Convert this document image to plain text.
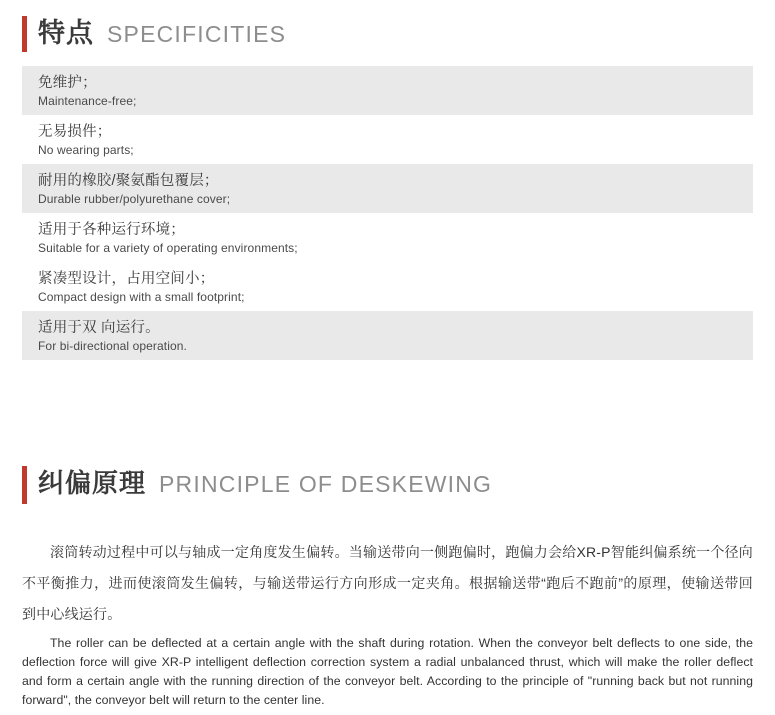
特点 SPECIFICITIES
免维护；
Maintenance-free;
无易损件；
No wearing parts;
耐用的橡胶/聚氨酯包覆层；
Durable rubber/polyurethane cover;
适用于各种运行环境；
Suitable for a variety of operating environments;
紧凑型设计，占用空间小；
Compact design with a small footprint;
适用于双 向运行。
For bi-directional operation.
纠偏原理 PRINCIPLE OF DESKEWING

滚筒转动过程中可以与轴成一定角度发生偏转。当输送带向一侧跑偏时，跑偏力会给XR-P智能纠偏系统一个径向不平衡推力，进而使滚筒发生偏转，与输送带运行方向形成一定夹角。根据输送带“跑后不跑前”的原理，使输送带回到中心线运行。

The roller can be deflected at a certain angle with the shaft during rotation. When the conveyor belt deflects to one side, the deflection force will give XR-P intelligent deflection correction system a radial unbalanced thrust, which will make the roller deflect and form a certain angle with the running direction of the conveyor belt. According to the principle of "running back but not running forward", the conveyor belt will return to the center line.
